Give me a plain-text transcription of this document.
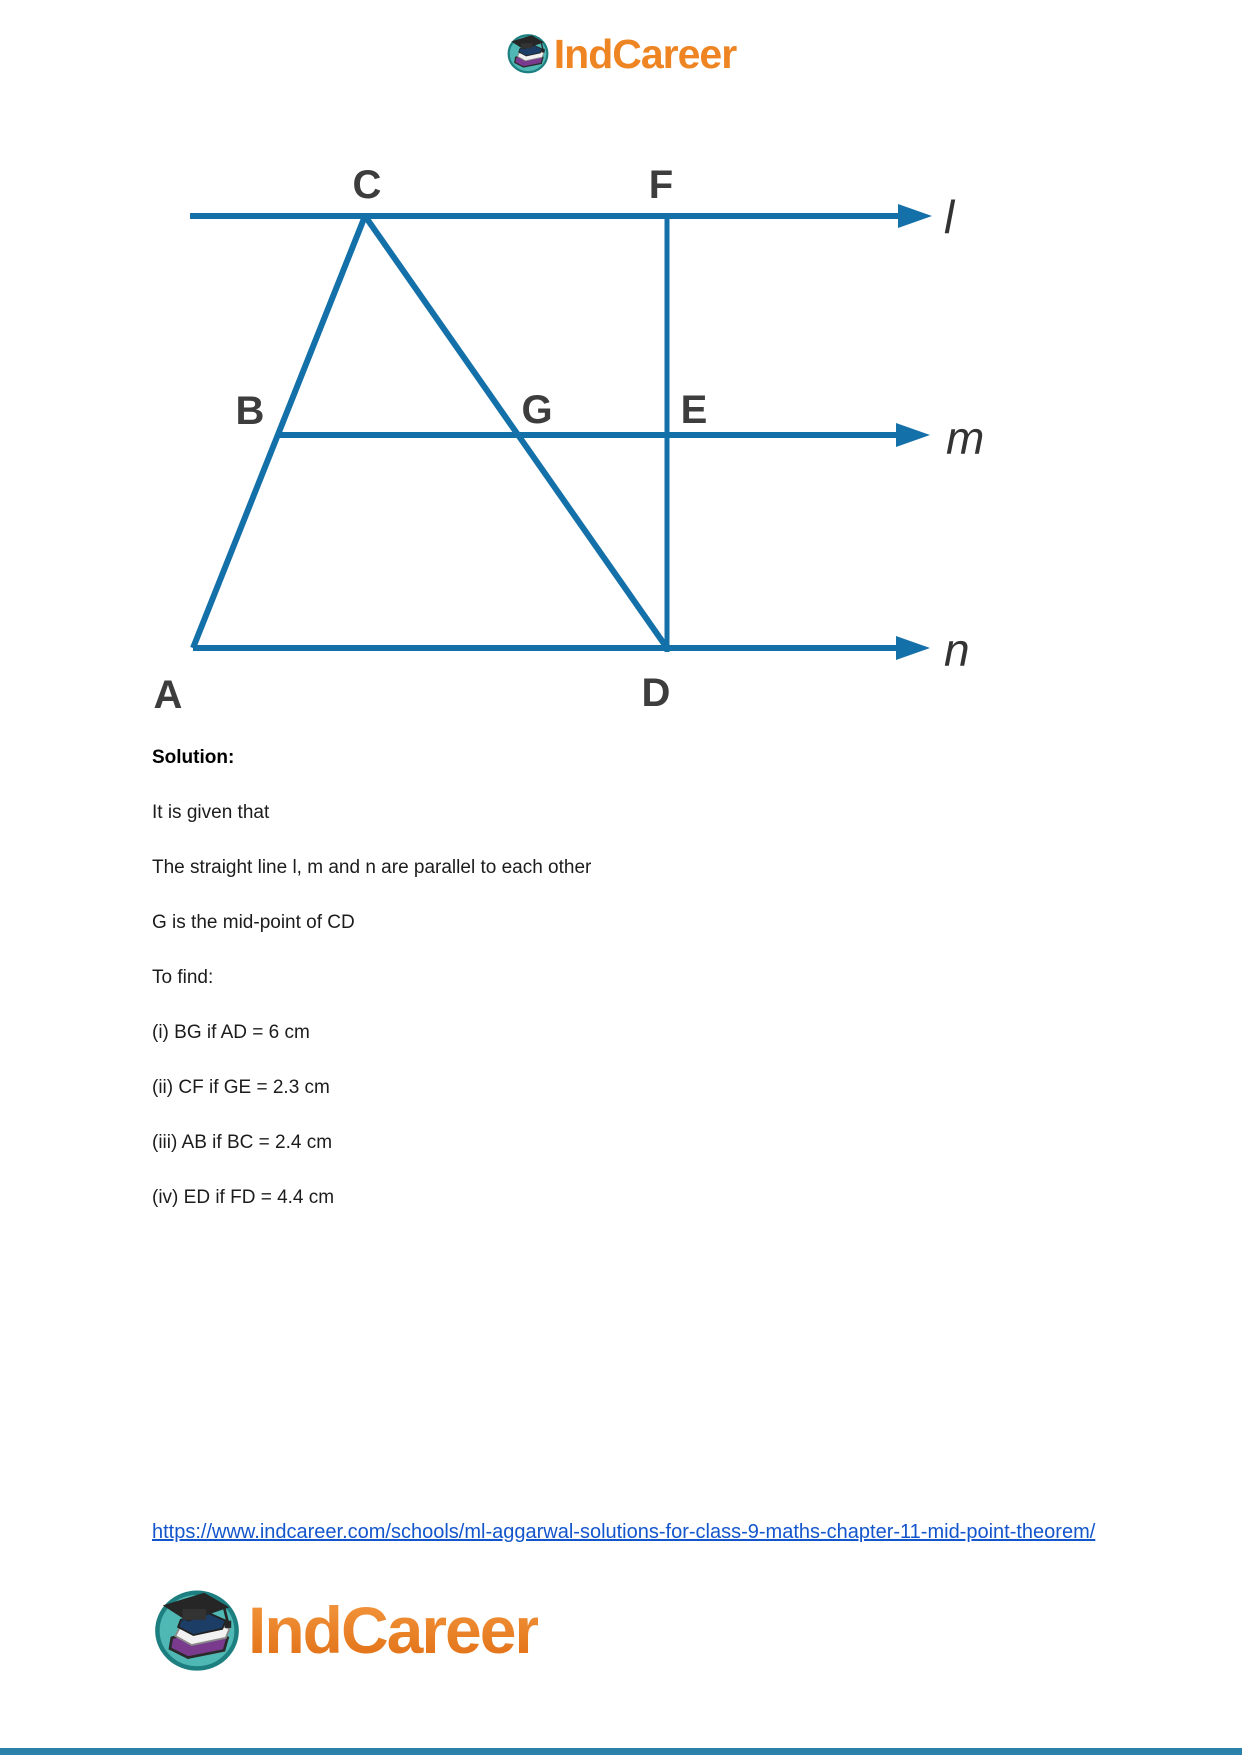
IndCareer
C	F
B	G	E
A	D
l
m
n

Solution:

It is given that

The straight line l, m and n are parallel to each other

G is the mid-point of CD

To find:

(i) BG if AD = 6 cm

(ii) CF if GE = 2.3 cm

(iii) AB if BC = 2.4 cm

(iv) ED if FD = 4.4 cm

https://www.indcareer.com/schools/ml-aggarwal-solutions-for-class-9-maths-chapter-11-mid-point-theorem/
IndCareer
